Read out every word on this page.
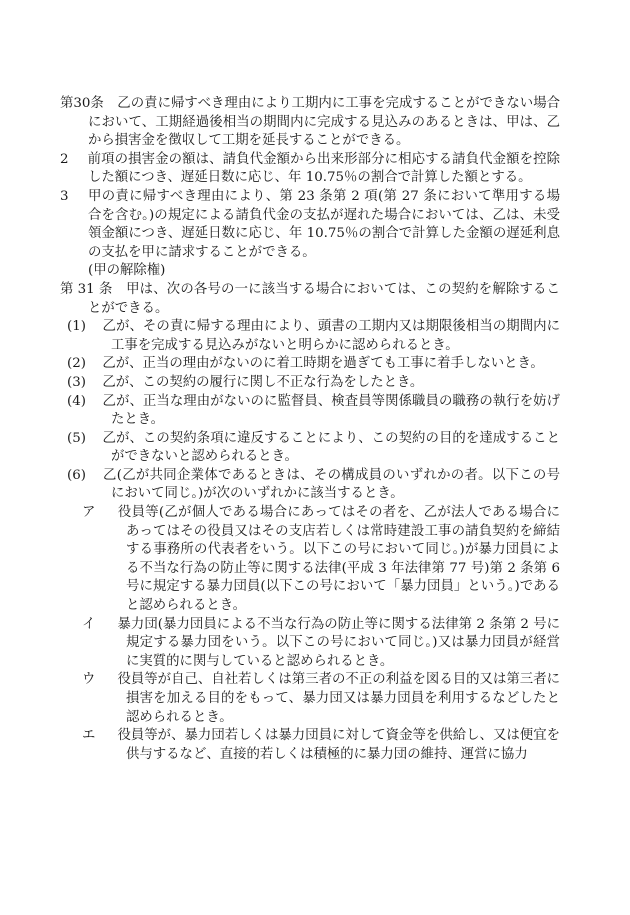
第30条　 乙の責に帰すべき理由により工期内に工事を完成することができない場合において、工期経過後相当の期間内に完成する見込みのあるときは、甲は、乙から損害金を徴収して工期を延長することができる。

2　 前項の損害金の額は、請負代金額から出来形部分に相応する請負代金額を控除した額につき、遅延日数に応じ、年 10.75％の割合で計算した額とする。

3　 甲の責に帰すべき理由により、第 23 条第 2 項(第 27 条において準用する場合を含む。)の規定による請負代金の支払が遅れた場合においては、乙は、未受領金額につき、遅延日数に応じ、年 10.75％の割合で計算した金額の遅延利息の支払を甲に請求することができる。

(甲の解除権)

第 31 条　 甲は、次の各号の一に該当する場合においては、この契約を解除することができる。

(1)　 乙が、その責に帰する理由により、頭書の工期内又は期限後相当の期間内に工事を完成する見込みがないと明らかに認められるとき。

(2)　 乙が、正当の理由がないのに着工時期を過ぎても工事に着手しないとき。

(3)　 乙が、この契約の履行に関し不正な行為をしたとき。

(4)　 乙が、正当な理由がないのに監督員、検査員等関係職員の職務の執行を妨げたとき。

(5)　 乙が、この契約条項に違反することにより、この契約の目的を達成することができないと認められるとき。

(6)　 乙(乙が共同企業体であるときは、その構成員のいずれかの者。以下この号において同じ。)が次のいずれかに該当するとき。

ア　 役員等(乙が個人である場合にあってはその者を、乙が法人である場合にあってはその役員又はその支店若しくは常時建設工事の請負契約を締結する事務所の代表者をいう。以下この号において同じ。)が暴力団員による不当な行為の防止等に関する法律(平成 3 年法律第 77 号)第 2 条第 6 号に規定する暴力団員(以下この号において「暴力団員」という。)であると認められるとき。

イ　 暴力団(暴力団員による不当な行為の防止等に関する法律第 2 条第 2 号に規定する暴力団をいう。以下この号において同じ。)又は暴力団員が経営に実質的に関与していると認められるとき。

ウ　 役員等が自己、自社若しくは第三者の不正の利益を図る目的又は第三者に損害を加える目的をもって、暴力団又は暴力団員を利用するなどしたと認められるとき。

エ　 役員等が、暴力団若しくは暴力団員に対して資金等を供給し、又は便宜を供与するなど、直接的若しくは積極的に暴力団の維持、運営に協力
